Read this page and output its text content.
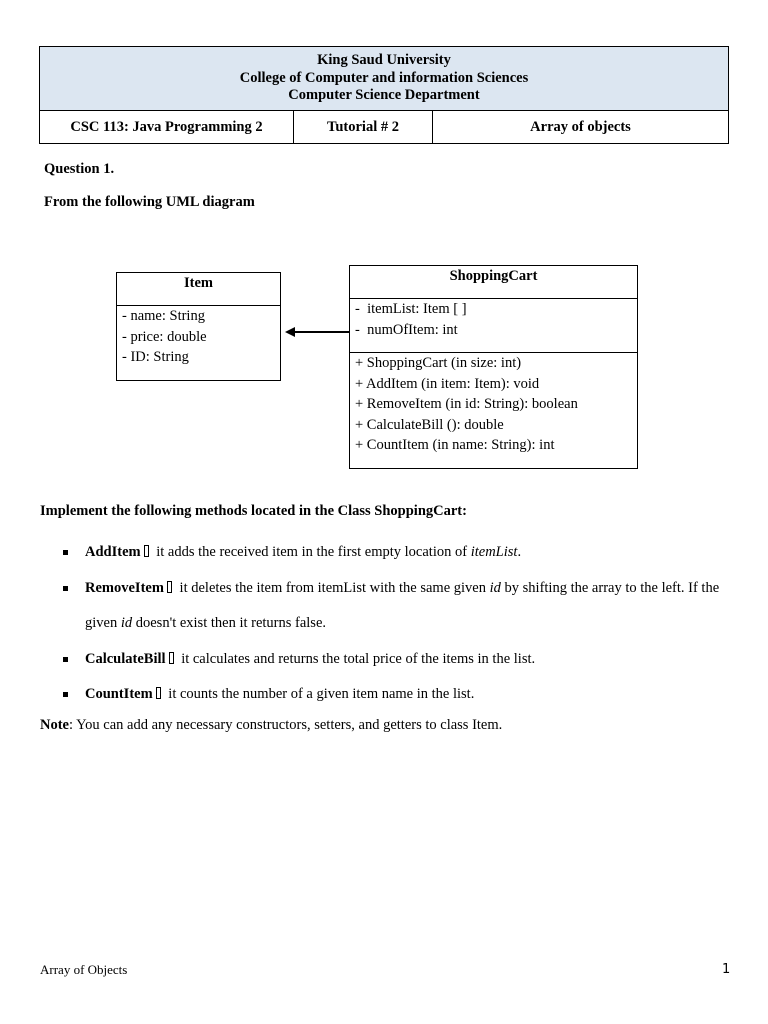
King Saud University
College of Computer and information Sciences
Computer Science Department

CSC 113: Java Programming 2	Tutorial # 2	Array of objects
Question 1.
From the following UML diagram
Item
- name: String
- price: double
- ID: String
ShoppingCart
-  itemList: Item [ ]
-  numOfItem: int
+ ShoppingCart (in size: int)
+ AddItem (in item: Item): void
+ RemoveItem (in id: String): boolean
+ CalculateBill (): double
+ CountItem (in name: String): int
Implement the following methods located in the Class ShoppingCart:
AddItem it adds the received item in the first empty location of itemList.
RemoveItem it deletes the item from itemList with the same given id by shifting the array to the left. If the given id doesn't exist then it returns false.
CalculateBill it calculates and returns the total price of the items in the list.
CountItem it counts the number of a given item name in the list.
Note: You can add any necessary constructors, setters, and getters to class Item.
Array of Objects	1
